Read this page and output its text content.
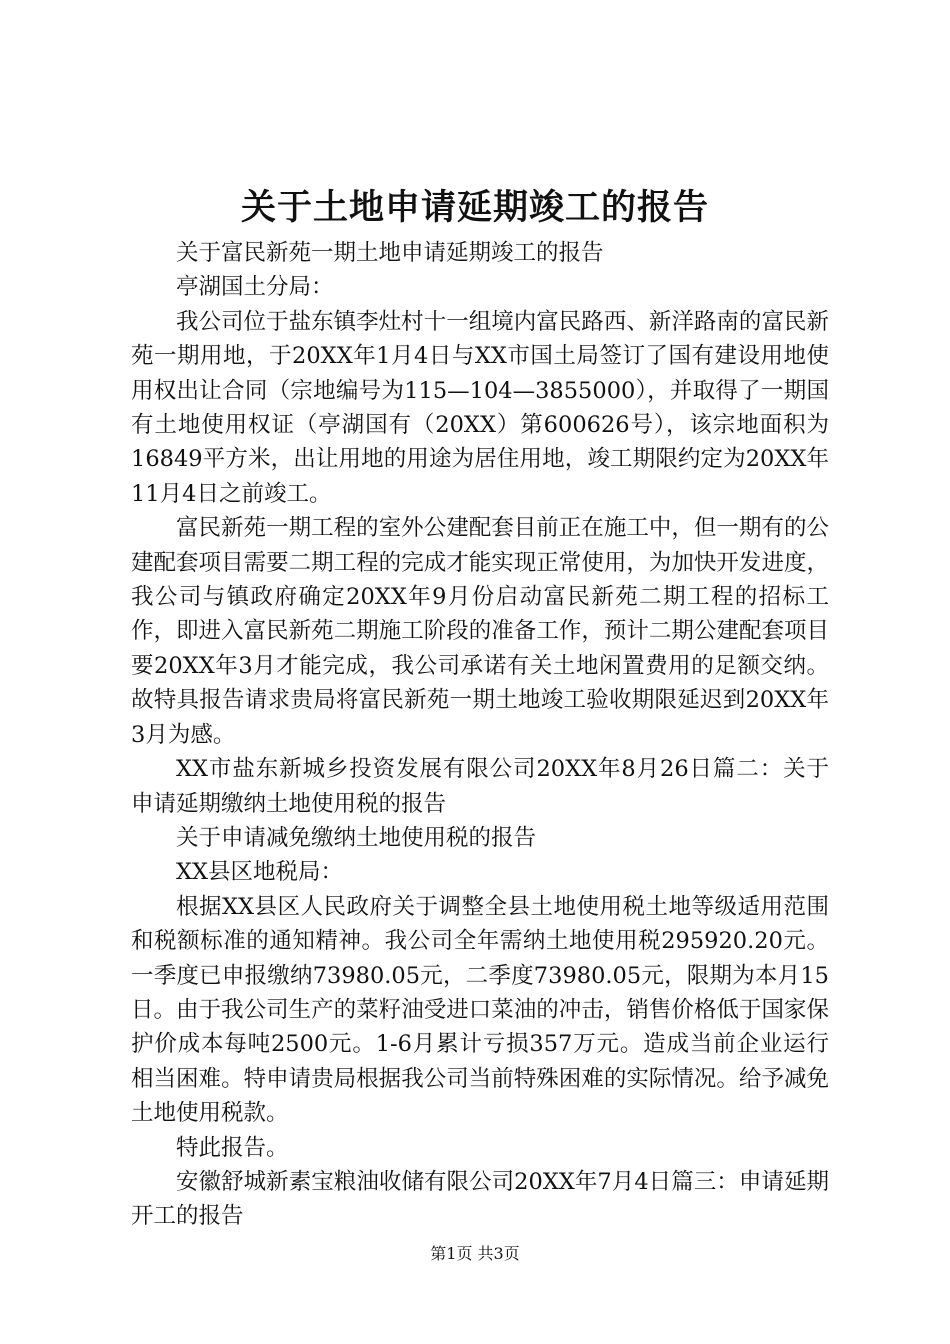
关于土地申请延期竣工的报告

关于富民新苑一期土地申请延期竣工的报告

亭湖国土分局：

我公司位于盐东镇李灶村十一组境内富民路西、新洋路南的富民新苑一期用地，于20XX年1月4日与XX市国土局签订了国有建设用地使用权出让合同（宗地编号为115—104—3855000），并取得了一期国有土地使用权证（亭湖国有（20XX）第600626号），该宗地面积为16849平方米，出让用地的用途为居住用地，竣工期限约定为20XX年11月4日之前竣工。

富民新苑一期工程的室外公建配套目前正在施工中，但一期有的公建配套项目需要二期工程的完成才能实现正常使用，为加快开发进度，我公司与镇政府确定20XX年9月份启动富民新苑二期工程的招标工作，即进入富民新苑二期施工阶段的准备工作，预计二期公建配套项目要20XX年3月才能完成，我公司承诺有关土地闲置费用的足额交纳。故特具报告请求贵局将富民新苑一期土地竣工验收期限延迟到20XX年3月为感。

XX市盐东新城乡投资发展有限公司20XX年8月26日篇二：关于申请延期缴纳土地使用税的报告

关于申请减免缴纳土地使用税的报告

XX县区地税局：

根据XX县区人民政府关于调整全县土地使用税土地等级适用范围和税额标准的通知精神。我公司全年需纳土地使用税295920.20元。一季度已申报缴纳73980.05元，二季度73980.05元，限期为本月15日。由于我公司生产的菜籽油受进口菜油的冲击，销售价格低于国家保护价成本每吨2500元。1-6月累计亏损357万元。造成当前企业运行相当困难。特申请贵局根据我公司当前特殊困难的实际情况。给予减免土地使用税款。

特此报告。

安徽舒城新素宝粮油收储有限公司20XX年7月4日篇三：申请延期开工的报告

第1页 共3页
